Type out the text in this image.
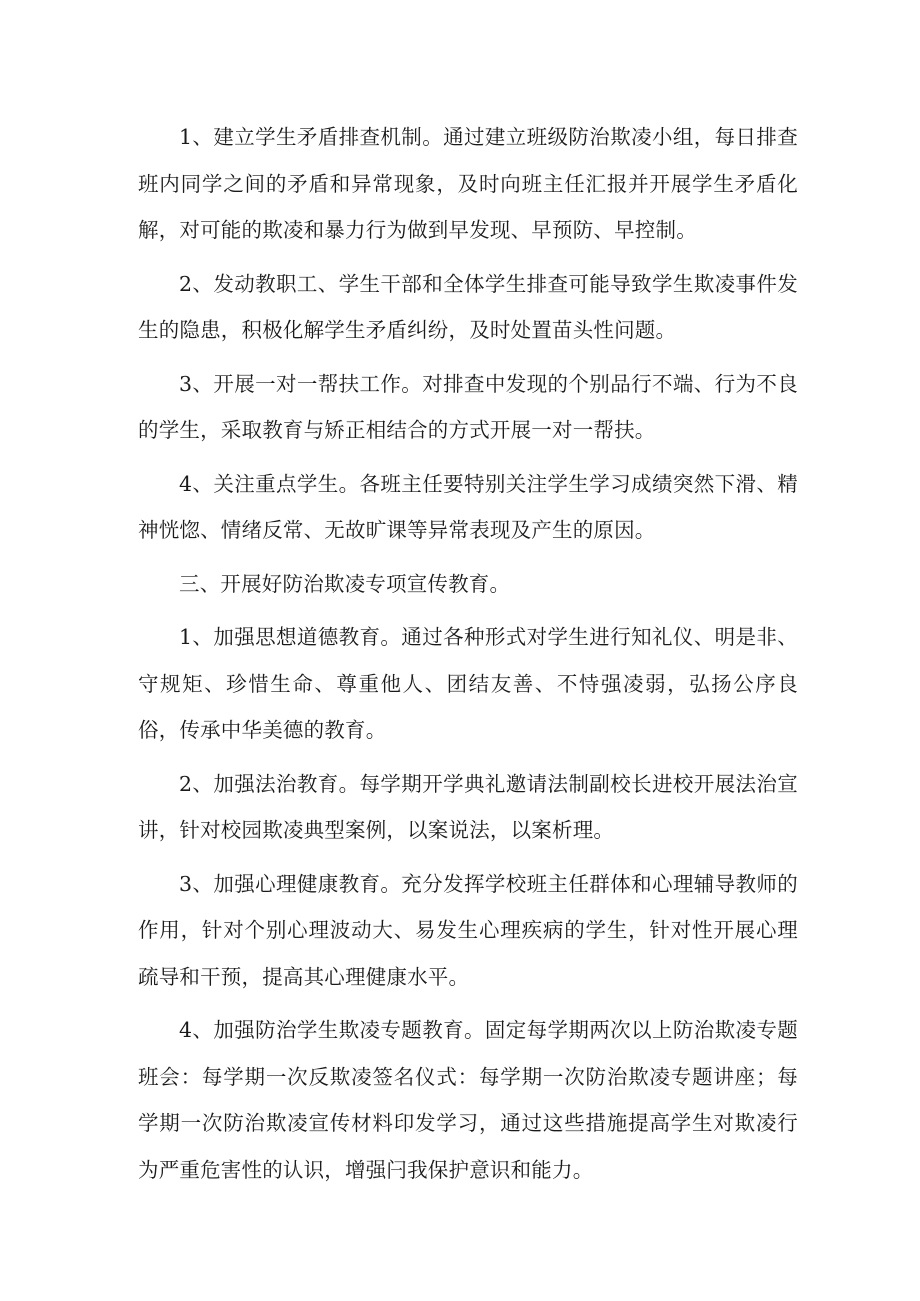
1、建立学生矛盾排查机制。通过建立班级防治欺凌小组，每日排查班内同学之间的矛盾和异常现象，及时向班主任汇报并开展学生矛盾化解，对可能的欺凌和暴力行为做到早发现、早预防、早控制。

2、发动教职工、学生干部和全体学生排查可能导致学生欺凌事件发生的隐患，积极化解学生矛盾纠纷，及时处置苗头性问题。

3、开展一对一帮扶工作。对排查中发现的个别品行不端、行为不良的学生，采取教育与矫正相结合的方式开展一对一帮扶。

4、关注重点学生。各班主任要特别关注学生学习成绩突然下滑、精神恍惚、情绪反常、无故旷课等异常表现及产生的原因。

三、开展好防治欺凌专项宣传教育。

1、加强思想道德教育。通过各种形式对学生进行知礼仪、明是非、守规矩、珍惜生命、尊重他人、团结友善、不恃强凌弱，弘扬公序良俗，传承中华美德的教育。

2、加强法治教育。每学期开学典礼邀请法制副校长进校开展法治宣讲，针对校园欺凌典型案例，以案说法，以案析理。

3、加强心理健康教育。充分发挥学校班主任群体和心理辅导教师的作用，针对个别心理波动大、易发生心理疾病的学生，针对性开展心理疏导和干预，提高其心理健康水平。

4、加强防治学生欺凌专题教育。固定每学期两次以上防治欺凌专题班会：每学期一次反欺凌签名仪式：每学期一次防治欺凌专题讲座；每学期一次防治欺凌宣传材料印发学习，通过这些措施提高学生对欺凌行为严重危害性的认识，增强闩我保护意识和能力。
